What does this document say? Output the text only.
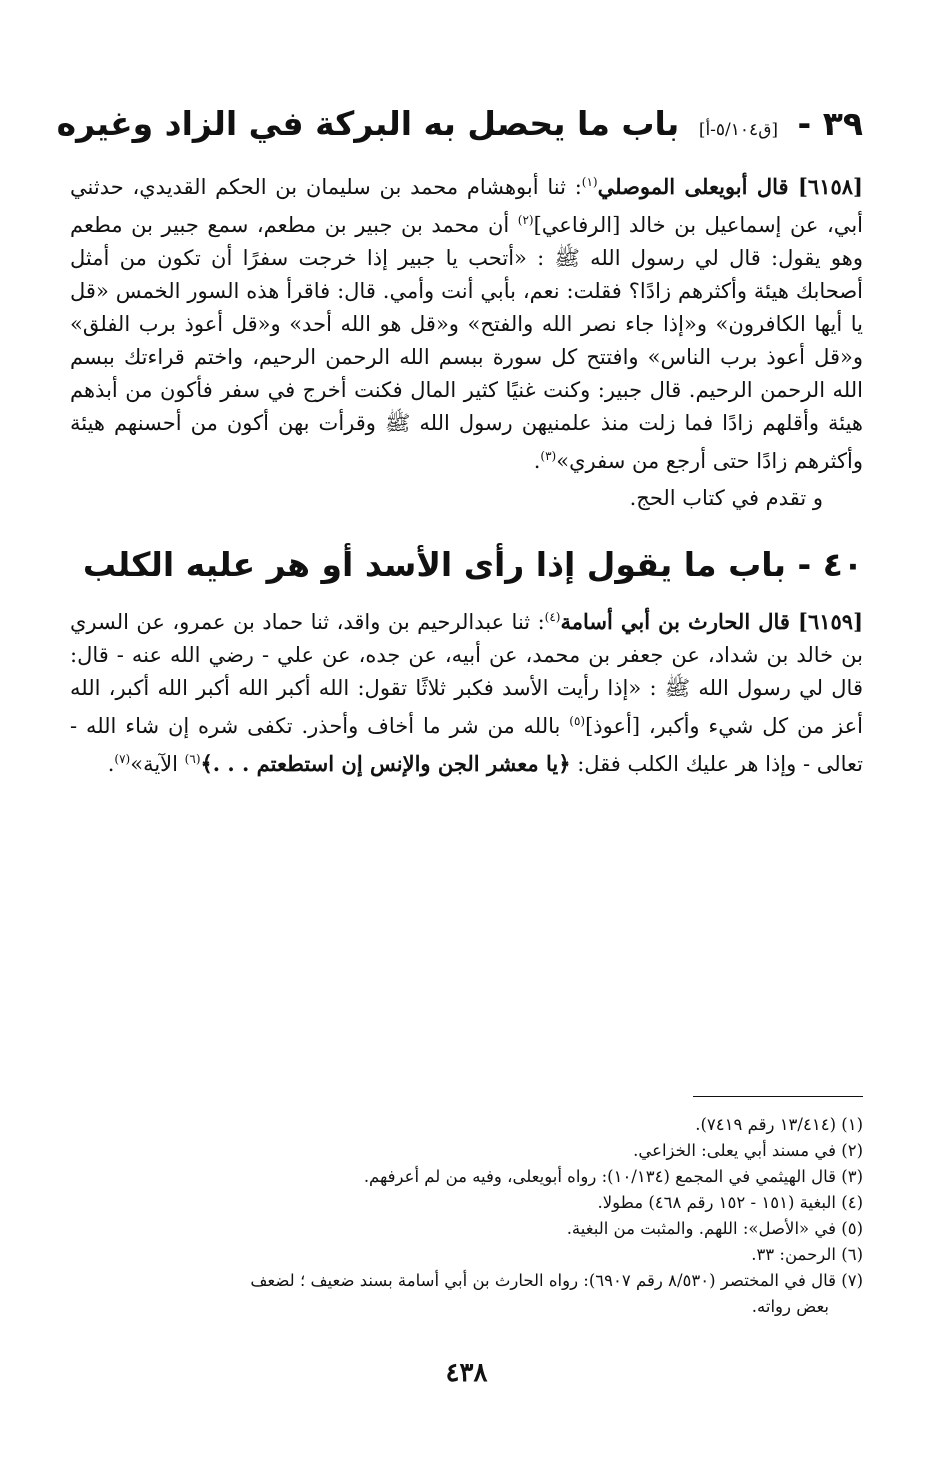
٣٩ - [ق٥/١٠٤-أ] باب ما يحصل به البركة في الزاد وغيره

[٦١٥٨] قال أبويعلى الموصلي$^{(١)}$: ثنا أبوهشام محمد بن سليمان بن الحكم القديدي، حدثني أبي، عن إسماعيل بن خالد [الرفاعي]$^{(٢)}$ أن محمد بن جبير بن مطعم، سمع جبير بن مطعم وهو يقول: قال لي رسول الله ﷺ : «أتحب يا جبير إذا خرجت سفرًا أن تكون من أمثل أصحابك هيئة وأكثرهم زادًا؟ فقلت: نعم، بأبي أنت وأمي. قال: فاقرأ هذه السور الخمس «قل يا أيها الكافرون» و«إذا جاء نصر الله والفتح» و«قل هو الله أحد» و«قل أعوذ برب الفلق» و«قل أعوذ برب الناس» وافتتح كل سورة ببسم الله الرحمن الرحيم، واختم قراءتك ببسم الله الرحمن الرحيم. قال جبير: وكنت غنيًا كثير المال فكنت أخرج في سفر فأكون من أبذهم هيئة وأقلهم زادًا فما زلت منذ علمنيهن رسول الله ﷺ وقرأت بهن أكون من أحسنهم هيئة وأكثرهم زادًا حتى أرجع من سفري»$^{(٣)}$.

و تقدم في كتاب الحج.

٤٠ - باب ما يقول إذا رأى الأسد أو هر عليه الكلب

[٦١٥٩] قال الحارث بن أبي أسامة$^{(٤)}$: ثنا عبدالرحيم بن واقد، ثنا حماد بن عمرو، عن السري بن خالد بن شداد، عن جعفر بن محمد، عن أبيه، عن جده، عن علي - رضي الله عنه - قال: قال لي رسول الله ﷺ : «إذا رأيت الأسد فكبر ثلاثًا تقول: الله أكبر الله أكبر الله أكبر، الله أعز من كل شيء وأكبر، [أعوذ]$^{(٥)}$ بالله من شر ما أخاف وأحذر. تكفى شره إن شاء الله - تعالى - وإذا هر عليك الكلب فقل: ﴿يا معشر الجن والإنس إن استطعتم . . .﴾$^{(٦)}$ الآية»$^{(٧)}$.

(١) (١٣/٤١٤ رقم ٧٤١٩).
(٢) في مسند أبي يعلى: الخزاعي.
(٣) قال الهيثمي في المجمع (١٠/١٣٤): رواه أبويعلى، وفيه من لم أعرفهم.
(٤) البغية (١٥١ - ١٥٢ رقم ٤٦٨) مطولا.
(٥) في «الأصل»: اللهم. والمثبت من البغية.
(٦) الرحمن: ٣٣.
(٧) قال في المختصر (٨/٥٣٠ رقم ٦٩٠٧): رواه الحارث بن أبي أسامة بسند ضعيف ؛ لضعف
بعض رواته.
٤٣٨
